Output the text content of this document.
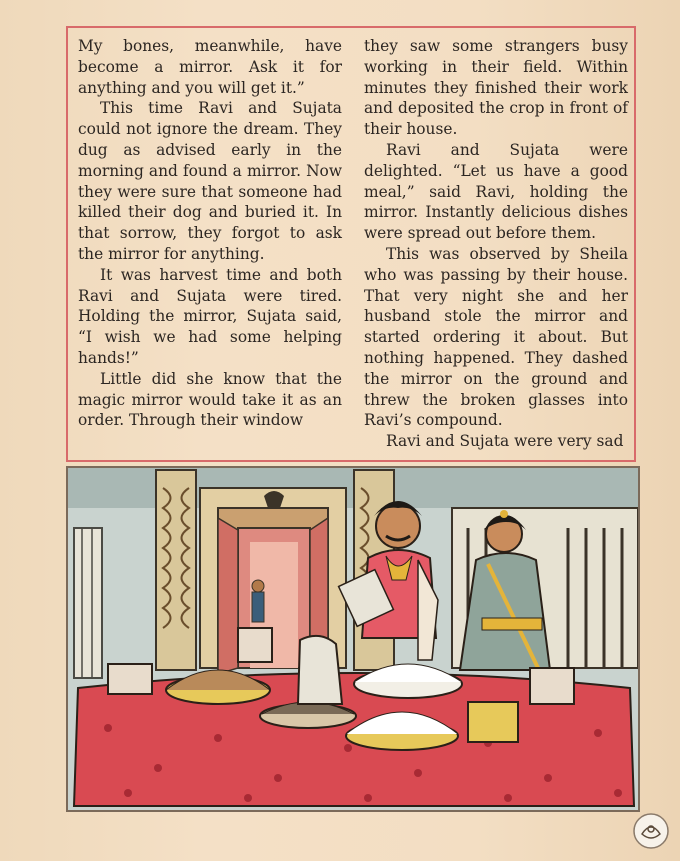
My bones, meanwhile, have become a mirror. Ask it for anything and you will get it.”

This time Ravi and Sujata could not ignore the dream. They dug as advised early in the morning and found a mirror. Now they were sure that someone had killed their dog and buried it. In that sorrow, they forgot to ask the mirror for anything.

It was harvest time and both Ravi and Sujata were tired. Holding the mirror, Sujata said, “I wish we had some helping hands!”

Little did she know that the magic mirror would take it as an order. Through their window

they saw some strangers busy working in their field. Within minutes they finished their work and deposited the crop in front of their house.

Ravi and Sujata were delighted. “Let us have a good meal,” said Ravi, holding the mirror. Instantly delicious dishes were spread out before them.

This was observed by Sheila who was passing by their house. That very night she and her husband stole the mirror and started ordering it about. But nothing happened. They dashed the mirror on the ground and threw the broken glasses into Ravi’s compound.

Ravi and Sujata were very sad
